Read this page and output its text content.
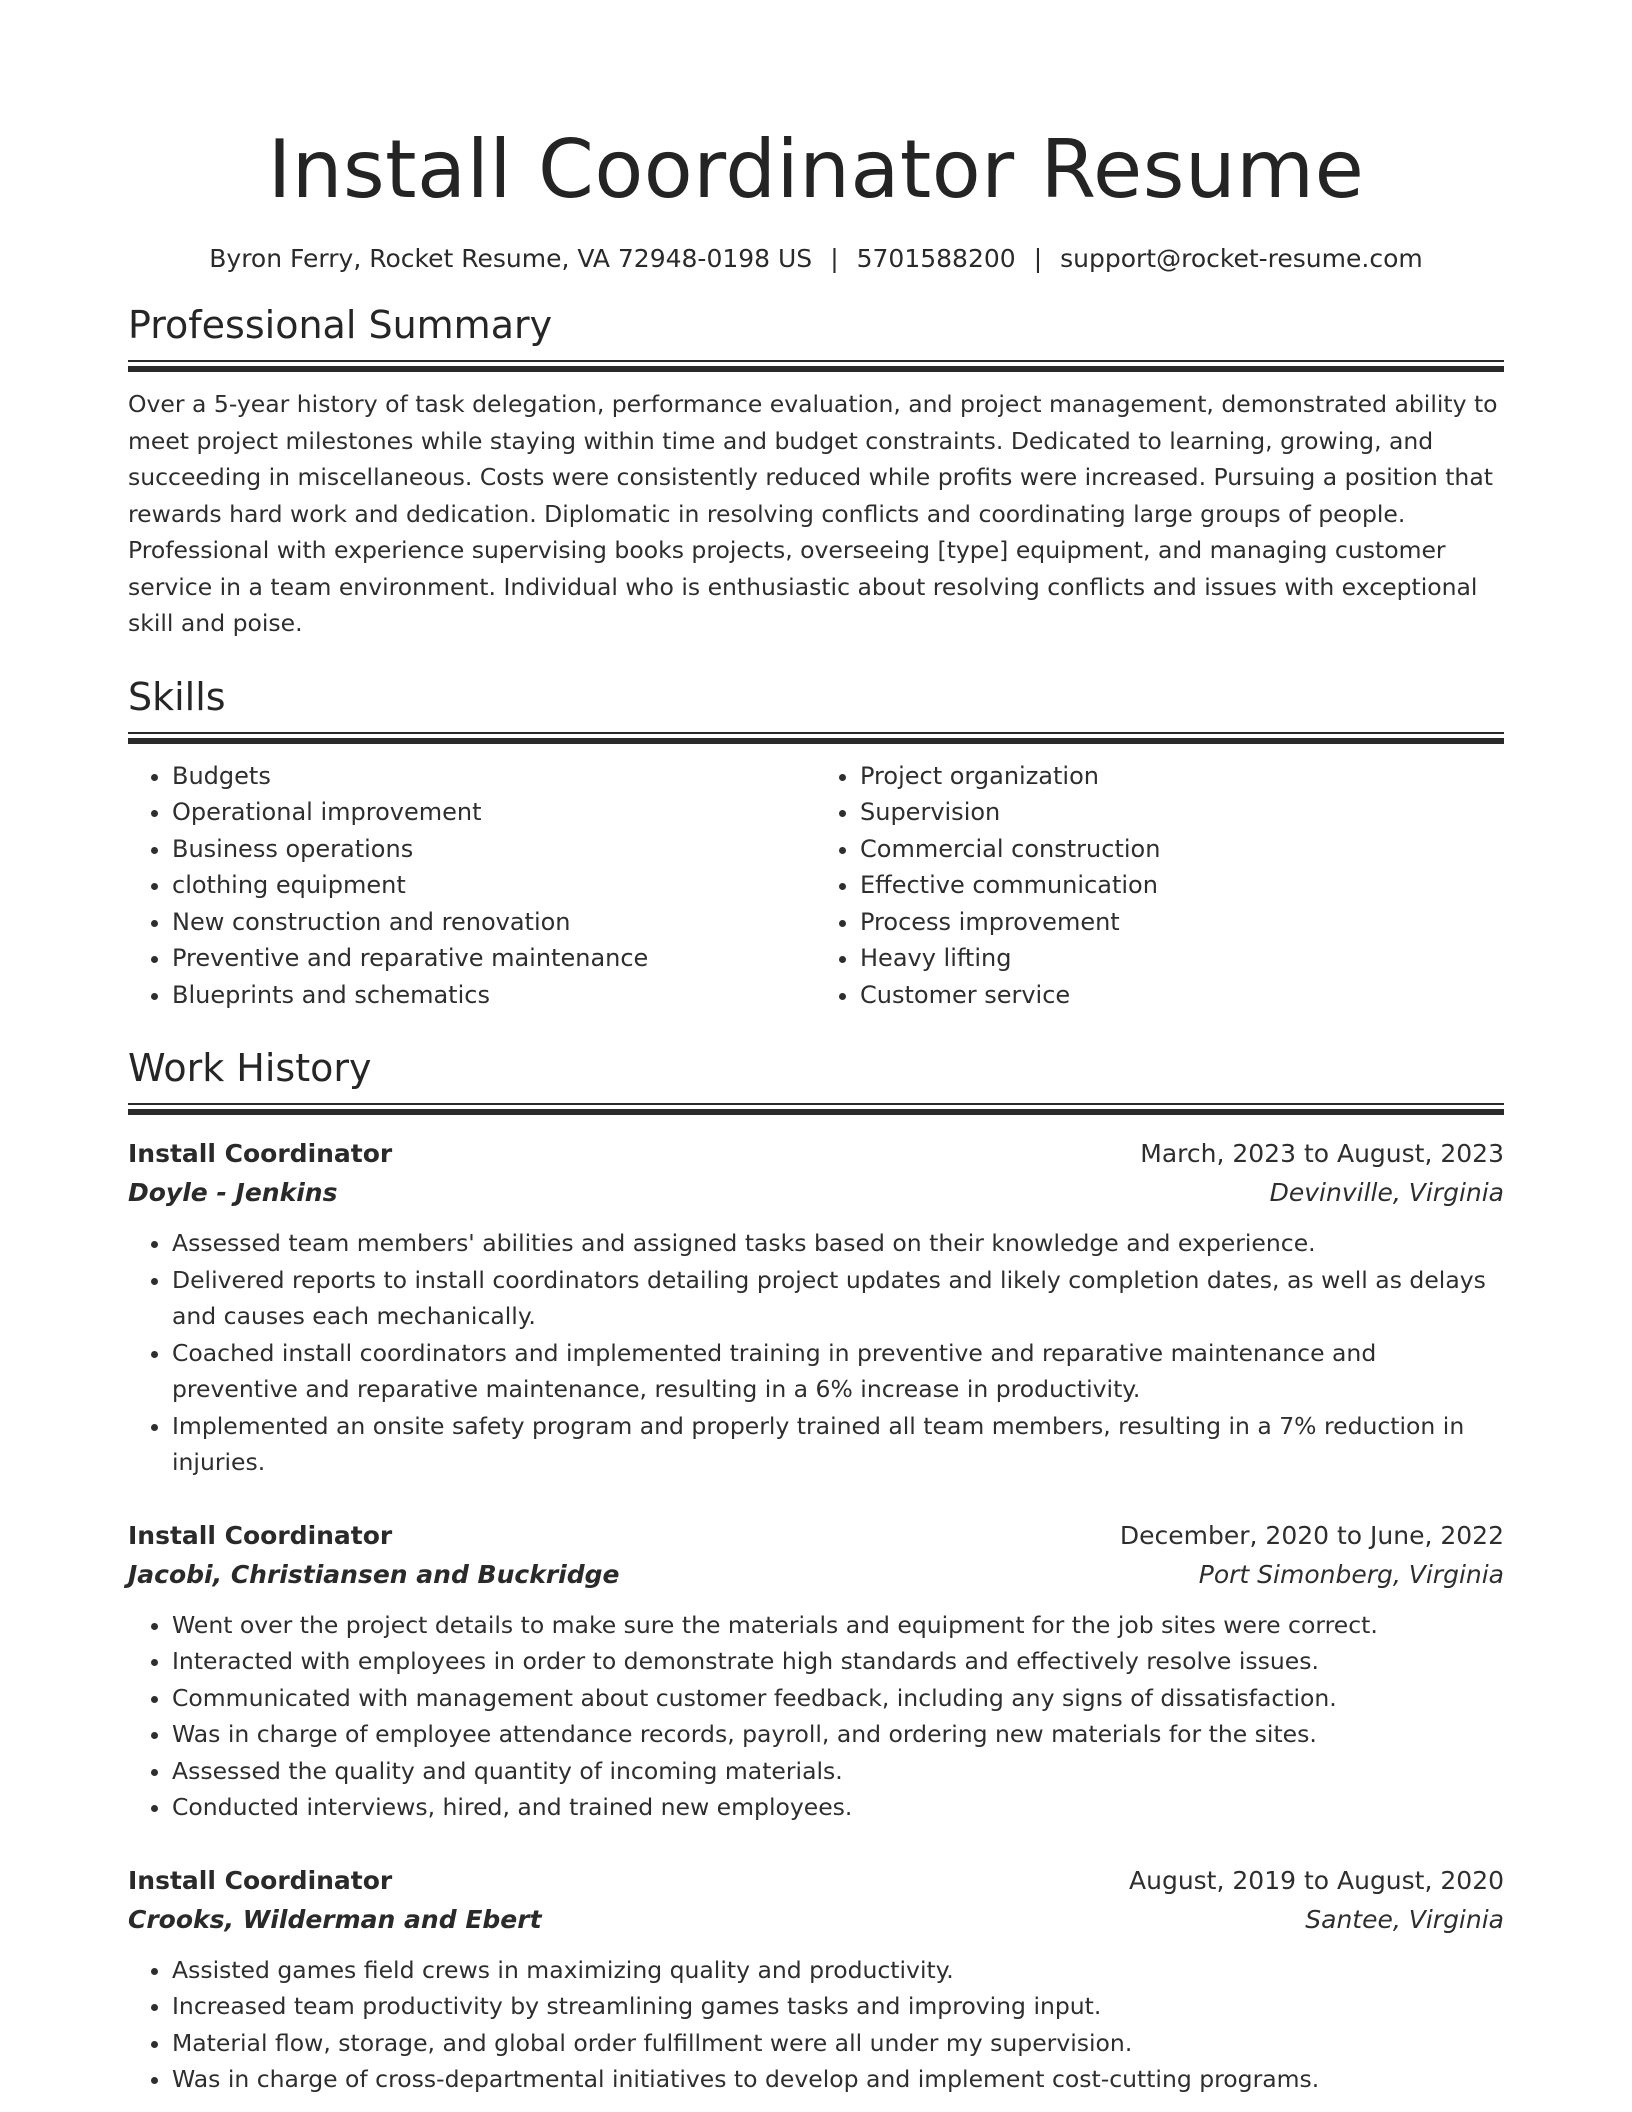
Install Coordinator Resume
Byron Ferry, Rocket Resume, VA 72948-0198 US | 5701588200 | support@rocket-resume.com
Professional Summary

Over a 5-year history of task delegation, performance evaluation, and project management, demonstrated ability to meet project milestones while staying within time and budget constraints. Dedicated to learning, growing, and succeeding in miscellaneous. Costs were consistently reduced while profits were increased. Pursuing a position that rewards hard work and dedication. Diplomatic in resolving conflicts and coordinating large groups of people. Professional with experience supervising books projects, overseeing [type] equipment, and managing customer service in a team environment. Individual who is enthusiastic about resolving conflicts and issues with exceptional skill and poise.

Skills
• Budgets
• Operational improvement
• Business operations
• clothing equipment
• New construction and renovation
• Preventive and reparative maintenance
• Blueprints and schematics
• Project organization
• Supervision
• Commercial construction
• Effective communication
• Process improvement
• Heavy lifting
• Customer service
Work History
Install Coordinator	March, 2023 to August, 2023
Doyle - Jenkins	Devinville, Virginia
• Assessed team members' abilities and assigned tasks based on their knowledge and experience.
• Delivered reports to install coordinators detailing project updates and likely completion dates, as well as delays and causes each mechanically.
• Coached install coordinators and implemented training in preventive and reparative maintenance and preventive and reparative maintenance, resulting in a 6% increase in productivity.
• Implemented an onsite safety program and properly trained all team members, resulting in a 7% reduction in injuries.
Install Coordinator	December, 2020 to June, 2022
Jacobi, Christiansen and Buckridge	Port Simonberg, Virginia
• Went over the project details to make sure the materials and equipment for the job sites were correct.
• Interacted with employees in order to demonstrate high standards and effectively resolve issues.
• Communicated with management about customer feedback, including any signs of dissatisfaction.
• Was in charge of employee attendance records, payroll, and ordering new materials for the sites.
• Assessed the quality and quantity of incoming materials.
• Conducted interviews, hired, and trained new employees.
Install Coordinator	August, 2019 to August, 2020
Crooks, Wilderman and Ebert	Santee, Virginia
• Assisted games field crews in maximizing quality and productivity.
• Increased team productivity by streamlining games tasks and improving input.
• Material flow, storage, and global order fulfillment were all under my supervision.
• Was in charge of cross-departmental initiatives to develop and implement cost-cutting programs.
